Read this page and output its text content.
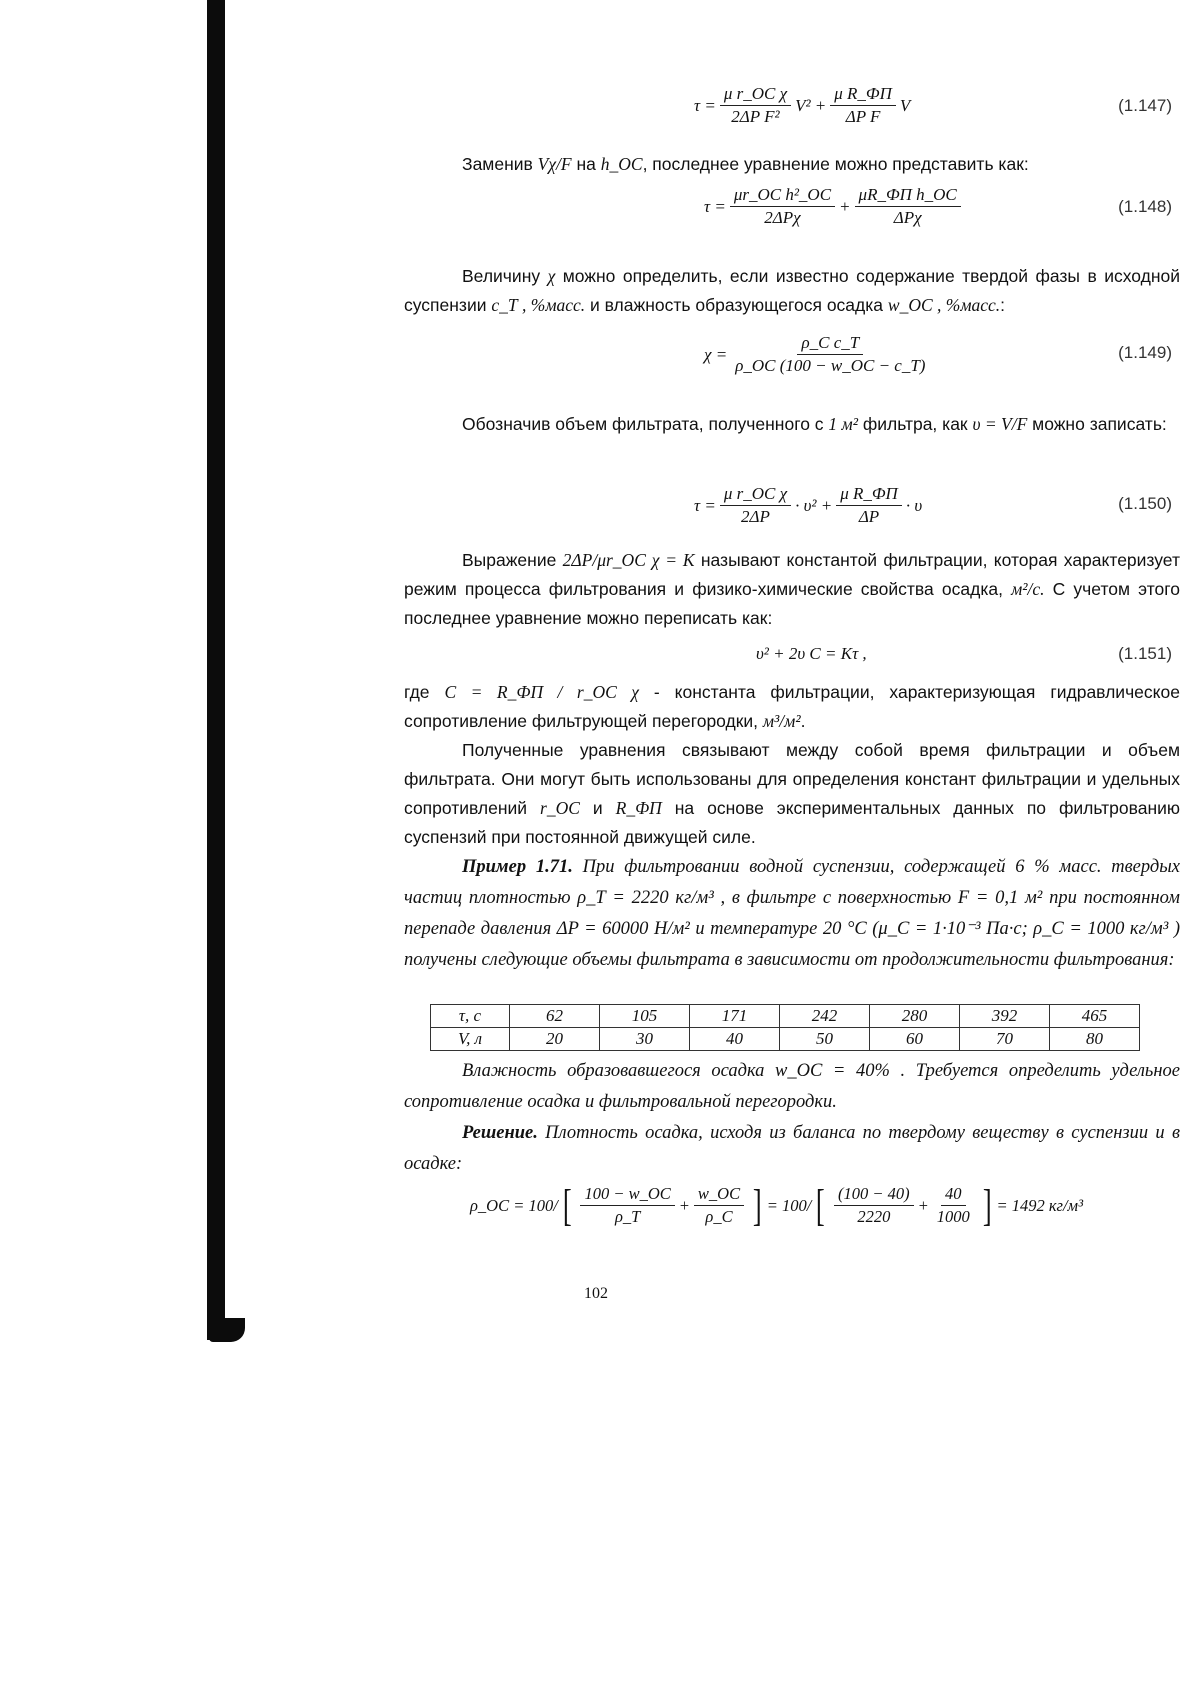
$\tau = \frac{\text{μ r\_ОС χ}}{\text{2ΔP F²}} V^2 + \frac{\text{μ R\_ФП}}{\text{ΔP F}}$ V	(1.147)
Заменив Vχ/F на h_ОС, последнее уравнение можно представить как:
$\tau = \frac{\text{μr\_ОС h²\_ОС}}{\text{2ΔPχ}} + \frac{\text{μR\_ФП h\_ОС}}{\text{ΔPχ}}$	(1.148)
Величину χ можно определить, если известно содержание твердой фазы в исходной суспензии c_Т , %масс. и влажность образующегося осадка w_ОС , %масс.:
$\chi = \frac{\text{ρ\_С c\_Т}}{\rho\_ОС (100 - w\_ОС - c\_Т)}$	(1.149)
Обозначив объем фильтрата, полученного с 1 м² фильтра, как υ = V/F можно записать:
$\tau = \frac{\text{μ r\_ОС χ}}{2\Delta P} \cdot \upsilon^2 + \frac{\text{μ R\_ФП}}{\Delta P} \cdot \upsilon$	(1.150)
Выражение 2ΔP/μr_ОС χ = K называют константой фильтрации, которая характеризует режим процесса фильтрования и физико-химические свойства осадка, м²/с. С учетом этого последнее уравнение можно переписать как:
υ² + 2υ C = Kτ ,	(1.151)
где C = R_ФП / r_ОС χ - константа фильтрации, характеризующая гидравлическое сопротивление фильтрующей перегородки, м³/м².
Полученные уравнения связывают между собой время фильтрации и объем фильтрата. Они могут быть использованы для определения констант фильтрации и удельных сопротивлений r_ОС и R_ФП на основе экспериментальных данных по фильтрованию суспензий при постоянной движущей силе.
Пример 1.71. При фильтровании водной суспензии, содержащей 6 % масс. твердых частиц плотностью ρ_Т = 2220 кг/м³ , в фильтре с поверхностью F = 0,1 м² при постоянном перепаде давления ΔP = 60000 Н/м² и температуре 20 °С (μ_С = 1·10⁻³ Па·с; ρ_С = 1000 кг/м³ ) получены следующие объемы фильтрата в зависимости от продолжительности фильтрования:
τ, с	62	105	171	242	280	392	465
V, л	20	30	40	50	60	70	80
Влажность образовавшегося осадка w_ОС = 40% . Требуется определить удельное сопротивление осадка и фильтровальной перегородки.
Решение. Плотность осадка, исходя из баланса по твердому веществу в суспензии и в осадке:
ρ_ОС = 100/ [ $\frac{100 - w\_ОС}{\rho\_Т} + \frac{w\_ОС}{\rho\_С}$ ] = 100/ [ $\frac{(100 - 40)}{2220} + \frac{40}{1000}$ ] = 1492 кг/м³
102
